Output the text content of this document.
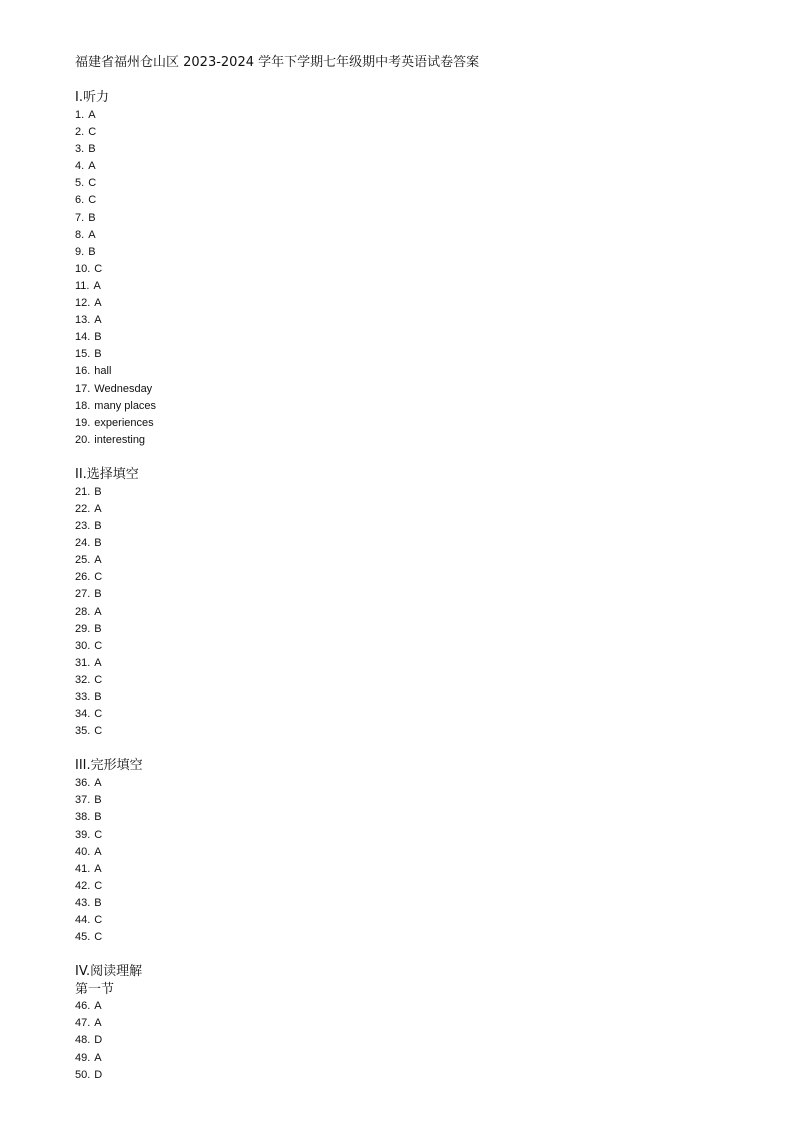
福建省福州仓山区 2023-2024 学年下学期七年级期中考英语试卷答案
I.听力
1. A
2. C
3. B
4. A
5. C
6. C
7. B
8. A
9. B
10. C
11. A
12. A
13. A
14. B
15. B
16. hall
17. Wednesday
18. many places
19. experiences
20. interesting
II.选择填空
21. B
22. A
23. B
24. B
25. A
26. C
27. B
28. A
29. B
30. C
31. A
32. C
33. B
34. C
35. C
III.完形填空
36. A
37. B
38. B
39. C
40. A
41. A
42. C
43. B
44. C
45. C
IV.阅读理解
第一节
46. A
47. A
48. D
49. A
50. D
